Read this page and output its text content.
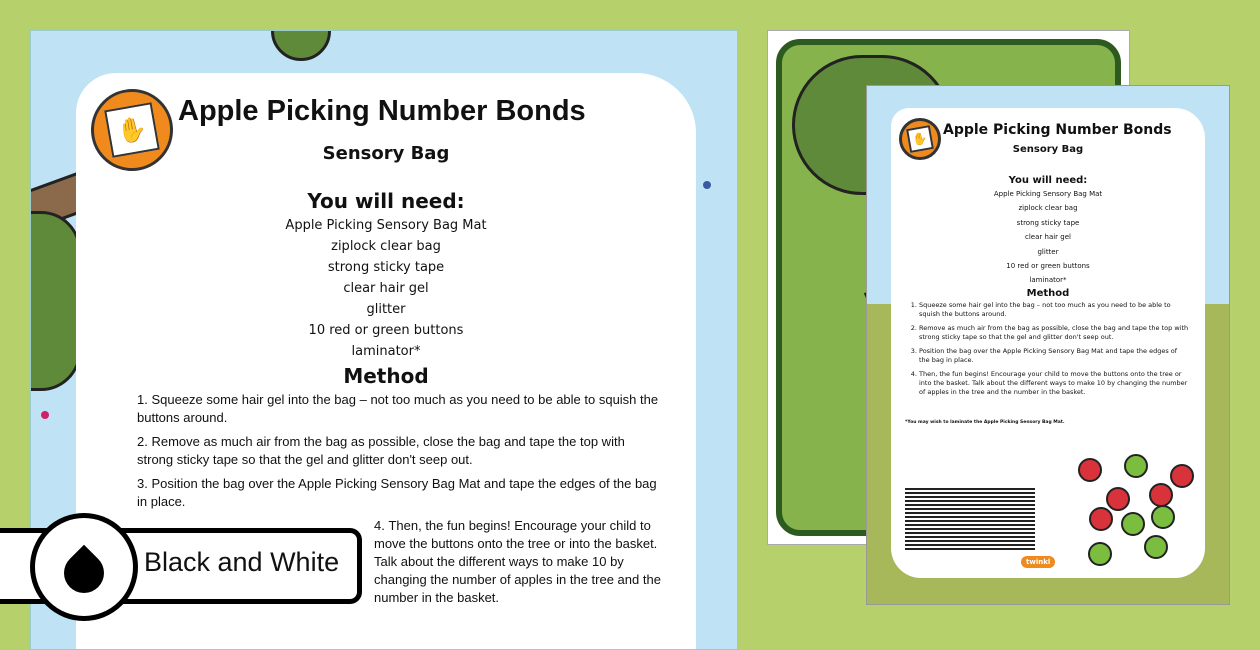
✋
Apple Picking Number Bonds
Sensory Bag
You will need:
Apple Picking Sensory Bag Mat
ziplock clear bag
strong sticky tape
clear hair gel
glitter
10 red or green buttons
laminator*
Method
1. Squeeze some hair gel into the bag – not too much as you need to be able to squish the buttons around.
2. Remove as much air from the bag as possible, close the bag and tape the top with strong sticky tape so that the gel and glitter don't seep out.
3. Position the bag over the Apple Picking Sensory Bag Mat and tape the edges of the bag in place.
4. Then, the fun begins! Encourage your child to move the buttons onto the tree or into the basket. Talk about the different ways to make 10 by changing the number of apples in the tree and the number in the basket.
Black and White
✋
Apple Picking Number Bonds
Sensory Bag
You will need:
Apple Picking Sensory Bag Mat
ziplock clear bag
strong sticky tape
clear hair gel
glitter
10 red or green buttons
laminator*
Method
1. Squeeze some hair gel into the bag – not too much as you need to be able to squish the buttons around.
2. Remove as much air from the bag as possible, close the bag and tape the top with strong sticky tape so that the gel and glitter don't seep out.
3. Position the bag over the Apple Picking Sensory Bag Mat and tape the edges of the bag in place.
4. Then, the fun begins! Encourage your child to move the buttons onto the tree or into the basket. Talk about the different ways to make 10 by changing the number of apples in the tree and the number in the basket.
*You may wish to laminate the Apple Picking Sensory Bag Mat.
twinkl
